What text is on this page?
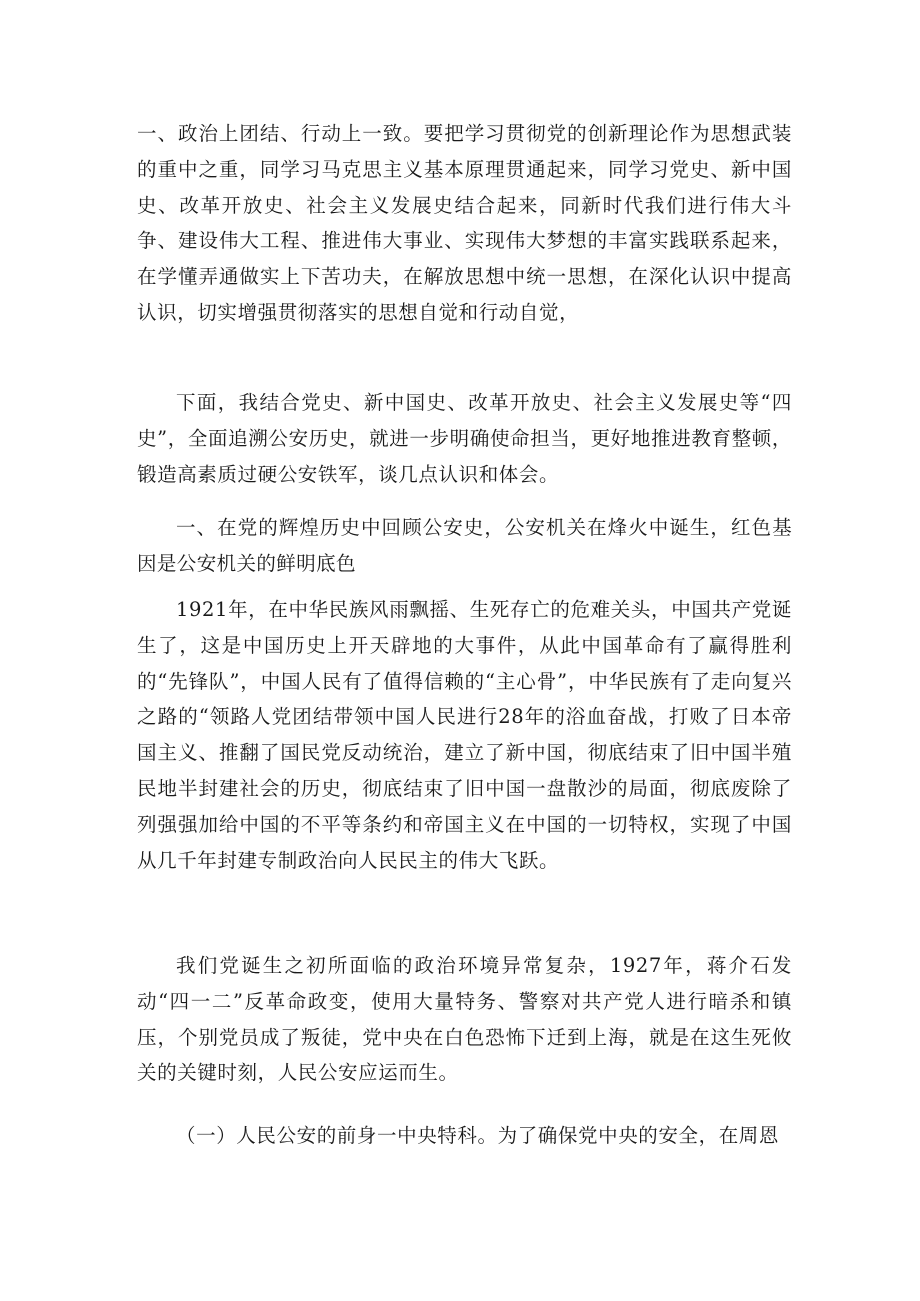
一、政治上团结、行动上一致。要把学习贯彻党的创新理论作为思想武装的重中之重，同学习马克思主义基本原理贯通起来，同学习党史、新中国史、改革开放史、社会主义发展史结合起来，同新时代我们进行伟大斗争、建设伟大工程、推进伟大事业、实现伟大梦想的丰富实践联系起来，在学懂弄通做实上下苦功夫，在解放思想中统一思想，在深化认识中提高认识，切实增强贯彻落实的思想自觉和行动自觉，

下面，我结合党史、新中国史、改革开放史、社会主义发展史等“四史”，全面追溯公安历史，就进一步明确使命担当，更好地推进教育整顿，锻造高素质过硬公安铁军，谈几点认识和体会。

一、在党的辉煌历史中回顾公安史，公安机关在烽火中诞生，红色基因是公安机关的鲜明底色

1921年，在中华民族风雨飘摇、生死存亡的危难关头，中国共产党诞生了，这是中国历史上开天辟地的大事件，从此中国革命有了赢得胜利的“先锋队”，中国人民有了值得信赖的“主心骨”，中华民族有了走向复兴之路的“领路人党团结带领中国人民进行28年的浴血奋战，打败了日本帝国主义、推翻了国民党反动统治，建立了新中国，彻底结束了旧中国半殖民地半封建社会的历史，彻底结束了旧中国一盘散沙的局面，彻底废除了列强强加给中国的不平等条约和帝国主义在中国的一切特权，实现了中国从几千年封建专制政治向人民民主的伟大飞跃。

我们党诞生之初所面临的政治环境异常复杂，1927年，蒋介石发动“四一二”反革命政变，使用大量特务、警察对共产党人进行暗杀和镇压，个别党员成了叛徒，党中央在白色恐怖下迁到上海，就是在这生死攸关的关键时刻，人民公安应运而生。

（一）人民公安的前身一中央特科。为了确保党中央的安全，在周恩
